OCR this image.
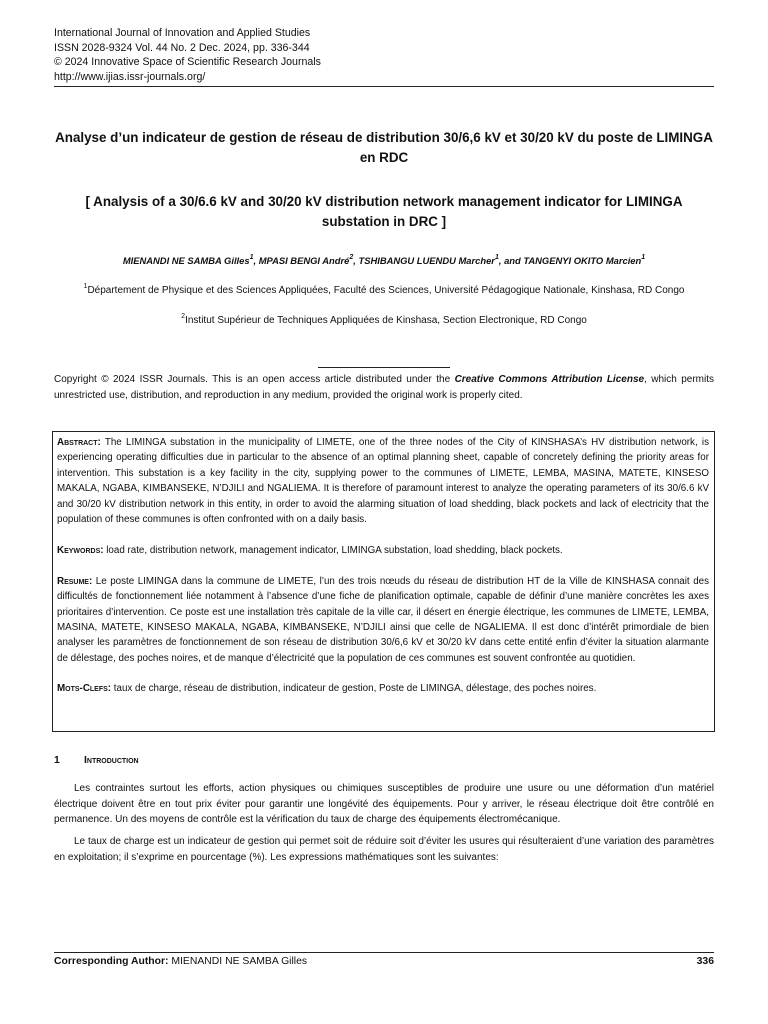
International Journal of Innovation and Applied Studies
ISSN 2028-9324 Vol. 44 No. 2 Dec. 2024, pp. 336-344
© 2024 Innovative Space of Scientific Research Journals
http://www.ijias.issr-journals.org/
Analyse d’un indicateur de gestion de réseau de distribution 30/6,6 kV et 30/20 kV du poste de LIMINGA en RDC
[ Analysis of a 30/6.6 kV and 30/20 kV distribution network management indicator for LIMINGA substation in DRC ]
MIENANDI NE SAMBA Gilles$^1$, MPASI BENGI André$^2$, TSHIBANGU LUENDU Marcher$^1$, and TANGENYI OKITO Marcien$^1$
$^1$Département de Physique et des Sciences Appliquées, Faculté des Sciences, Université Pédagogique Nationale, Kinshasa, RD Congo
$^2$Institut Supérieur de Techniques Appliquées de Kinshasa, Section Electronique, RD Congo
Copyright © 2024 ISSR Journals. This is an open access article distributed under the Creative Commons Attribution License, which permits unrestricted use, distribution, and reproduction in any medium, provided the original work is properly cited.

Abstract: The LIMINGA substation in the municipality of LIMETE, one of the three nodes of the City of KINSHASA’s HV distribution network, is experiencing operating difficulties due in particular to the absence of an optimal planning sheet, capable of concretely defining the priority areas for intervention. This substation is a key facility in the city, supplying power to the communes of LIMETE, LEMBA, MASINA, MATETE, KINSESO MAKALA, NGABA, KIMBANSEKE, N’DJILI and NGALIEMA. It is therefore of paramount interest to analyze the operating parameters of its 30/6.6 kV and 30/20 kV distribution network in this entity, in order to avoid the alarming situation of load shedding, black pockets and lack of electricity that the population of these communes is often confronted with on a daily basis.

Keywords: load rate, distribution network, management indicator, LIMINGA substation, load shedding, black pockets.

Resume: Le poste LIMINGA dans la commune de LIMETE, l’un des trois nœuds du réseau de distribution HT de la Ville de KINSHASA connait des difficultés de fonctionnement liée notamment à l’absence d’une fiche de planification optimale, capable de définir d’une manière concrètes les axes prioritaires d’intervention. Ce poste est une installation très capitale de la ville car, il désert en énergie électrique, les communes de LIMETE, LEMBA, MASINA, MATETE, KINSESO MAKALA, NGABA, KIMBANSEKE, N’DJILI ainsi que celle de NGALIEMA. Il est donc d’intérêt primordiale de bien analyser les paramètres de fonctionnement de son réseau de distribution 30/6,6 kV et 30/20 kV dans cette entité enfin d’éviter la situation alarmante de délestage, des poches noires, et de manque d’électricité que la population de ces communes est souvent confrontée au quotidien.

Mots-Clefs: taux de charge, réseau de distribution, indicateur de gestion, Poste de LIMINGA, délestage, des poches noires.

1 Introduction
Les contraintes surtout les efforts, action physiques ou chimiques susceptibles de produire une usure ou une déformation d’un matériel électrique doivent être en tout prix éviter pour garantir une longévité des équipements. Pour y arriver, le réseau électrique doit être contrôlé en permanence. Un des moyens de contrôle est la vérification du taux de charge des équipements électromécanique.
Le taux de charge est un indicateur de gestion qui permet soit de réduire soit d’éviter les usures qui résulteraient d’une variation des paramètres en exploitation; il s’exprime en pourcentage (%). Les expressions mathématiques sont les suivantes:
Corresponding Author: MIENANDI NE SAMBA Gilles	336
